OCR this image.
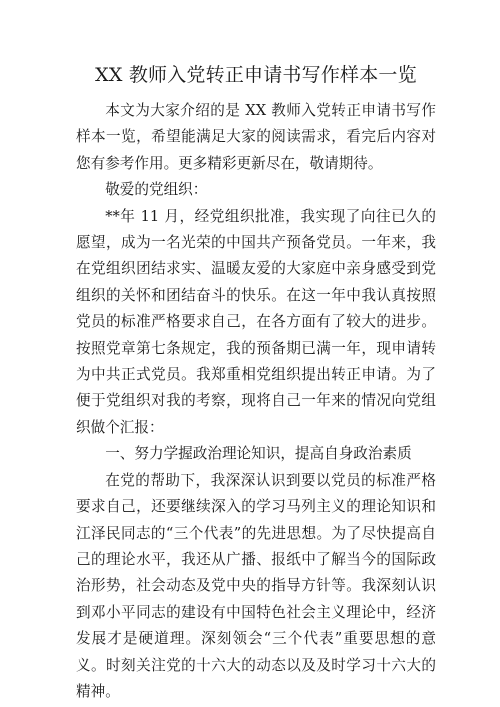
XX 教师入党转正申请书写作样本一览

本文为大家介绍的是 XX 教师入党转正申请书写作样本一览，希望能满足大家的阅读需求，看完后内容对您有参考作用。更多精彩更新尽在，敬请期待。

敬爱的党组织：

**年 11 月，经党组织批准，我实现了向往已久的愿望，成为一名光荣的中国共产预备党员。一年来，我在党组织团结求实、温暖友爱的大家庭中亲身感受到党组织的关怀和团结奋斗的快乐。在这一年中我认真按照党员的标准严格要求自己，在各方面有了较大的进步。按照党章第七条规定，我的预备期已满一年，现申请转为中共正式党员。我郑重相党组织提出转正申请。为了便于党组织对我的考察，现将自己一年来的情况向党组织做个汇报：

一、努力学握政治理论知识，提高自身政治素质

在党的帮助下，我深深认识到要以党员的标准严格要求自己，还要继续深入的学习马列主义的理论知识和江泽民同志的“三个代表”的先进思想。为了尽快提高自己的理论水平，我还从广播、报纸中了解当今的国际政治形势，社会动态及党中央的指导方针等。我深刻认识到邓小平同志的建设有中国特色社会主义理论中，经济发展才是硬道理。深刻领会“三个代表”重要思想的意义。时刻关注党的十六大的动态以及及时学习十六大的精神。
